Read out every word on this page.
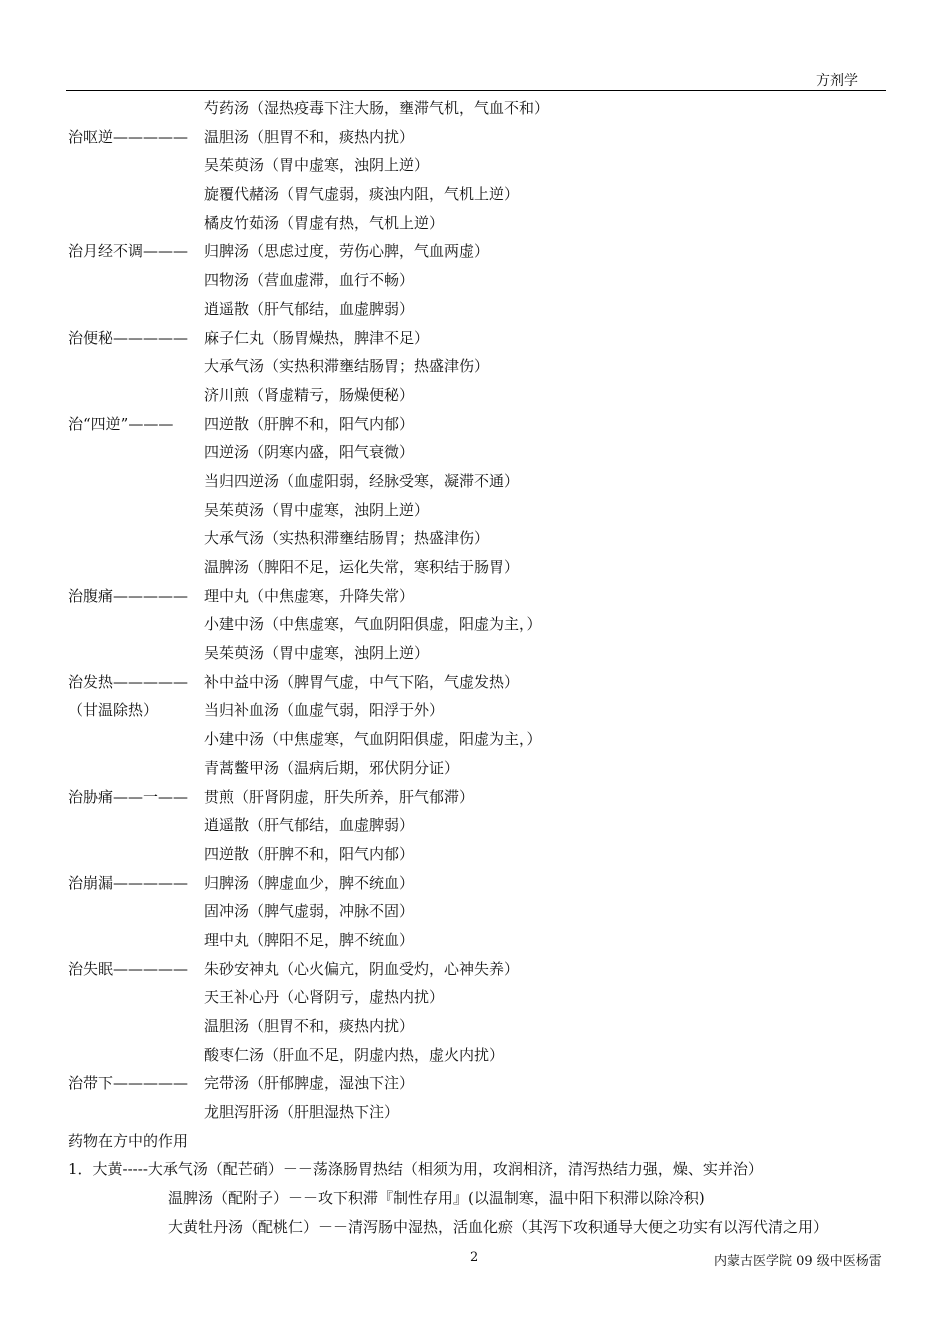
方剂学
芍药汤（湿热疫毒下注大肠，壅滞气机，气血不和）
治呕逆————— 温胆汤（胆胃不和，痰热内扰）
吴茱萸汤（胃中虚寒，浊阴上逆）
旋覆代赭汤（胃气虚弱，痰浊内阻，气机上逆）
橘皮竹茹汤（胃虚有热，气机上逆）
治月经不调——— 归脾汤（思虑过度，劳伤心脾，气血两虚）
四物汤（营血虚滞，血行不畅）
逍遥散（肝气郁结，血虚脾弱）
治便秘————— 麻子仁丸（肠胃燥热，脾津不足）
大承气汤（实热积滞壅结肠胃；热盛津伤）
济川煎（肾虚精亏，肠燥便秘）
治“四逆”——— 四逆散（肝脾不和，阳气内郁）
四逆汤（阴寒内盛，阳气衰微）
当归四逆汤（血虚阳弱，经脉受寒，凝滞不通）
吴茱萸汤（胃中虚寒，浊阴上逆）
大承气汤（实热积滞壅结肠胃；热盛津伤）
温脾汤（脾阳不足，运化失常，寒积结于肠胃）
治腹痛————— 理中丸（中焦虚寒，升降失常）
小建中汤（中焦虚寒，气血阴阳俱虚，阳虚为主，）
吴茱萸汤（胃中虚寒，浊阴上逆）
治发热————— 补中益中汤（脾胃气虚，中气下陷，气虚发热）
（甘温除热）	当归补血汤（血虚气弱，阳浮于外）
小建中汤（中焦虚寒，气血阴阳俱虚，阳虚为主，）
青蒿鳖甲汤（温病后期，邪伏阴分证）
治胁痛——一—— 贯煎（肝肾阴虚，肝失所养，肝气郁滞）
逍遥散（肝气郁结，血虚脾弱）
四逆散（肝脾不和，阳气内郁）
治崩漏————— 归脾汤（脾虚血少，脾不统血）
固冲汤（脾气虚弱，冲脉不固）
理中丸（脾阳不足，脾不统血）
治失眠————— 朱砂安神丸（心火偏亢，阴血受灼，心神失养）
天王补心丹（心肾阴亏，虚热内扰）
温胆汤（胆胃不和，痰热内扰）
酸枣仁汤（肝血不足，阴虚内热，虚火内扰）
治带下————— 完带汤（肝郁脾虚，湿浊下注）
龙胆泻肝汤（肝胆湿热下注）
药物在方中的作用
1．大黄-----大承气汤（配芒硝）－－荡涤肠胃热结（相须为用，攻润相济，清泻热结力强，燥、实并治）
温脾汤（配附子）－－攻下积滞『制性存用』(以温制寒，温中阳下积滞以除冷积)
大黄牡丹汤（配桃仁）－－清泻肠中湿热，活血化瘀（其泻下攻积通导大便之功实有以泻代清之用）
2	内蒙古医学院 09 级中医杨雷
